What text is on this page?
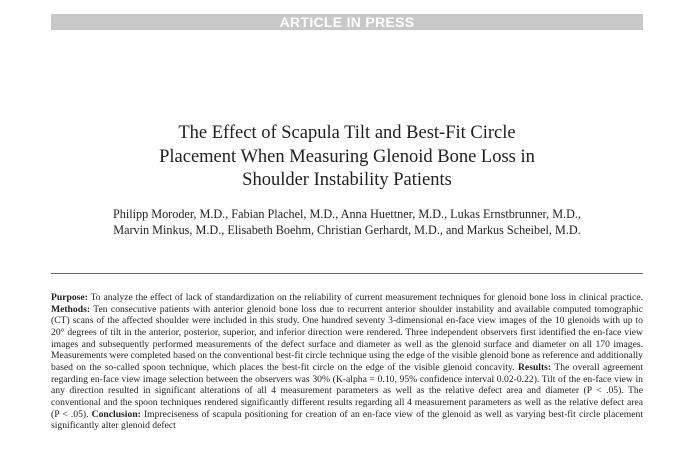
ARTICLE IN PRESS
The Effect of Scapula Tilt and Best-Fit Circle
Placement When Measuring Glenoid Bone Loss in
Shoulder Instability Patients
Philipp Moroder, M.D., Fabian Plachel, M.D., Anna Huettner, M.D., Lukas Ernstbrunner, M.D.,
Marvin Minkus, M.D., Elisabeth Boehm, Christian Gerhardt, M.D., and Markus Scheibel, M.D.
Purpose: To analyze the effect of lack of standardization on the reliability of current measurement techniques for glenoid bone loss in clinical practice. Methods: Ten consecutive patients with anterior glenoid bone loss due to recurrent anterior shoulder instability and available computed tomographic (CT) scans of the affected shoulder were included in this study. One hundred seventy 3-dimensional en-face view images of the 10 glenoids with up to 20° degrees of tilt in the anterior, posterior, superior, and inferior direction were rendered. Three independent observers first identified the en-face view images and subsequently performed measurements of the defect surface and diameter as well as the glenoid surface and diameter on all 170 images. Measurements were completed based on the conventional best-fit circle technique using the edge of the visible glenoid bone as reference and additionally based on the so-called spoon technique, which places the best-fit circle on the edge of the visible glenoid concavity. Results: The overall agreement regarding en-face view image selection between the observers was 30% (K-alpha = 0.10, 95% confidence interval 0.02-0.22). Tilt of the en-face view in any direction resulted in significant alterations of all 4 measurement parameters as well as the relative defect area and diameter (P < .05). The conventional and the spoon techniques rendered significantly different results regarding all 4 measurement parameters as well as the relative defect area (P < .05). Conclusion: Impreciseness of scapula positioning for creation of an en-face view of the glenoid as well as varying best-fit circle placement significantly alter glenoid defect
